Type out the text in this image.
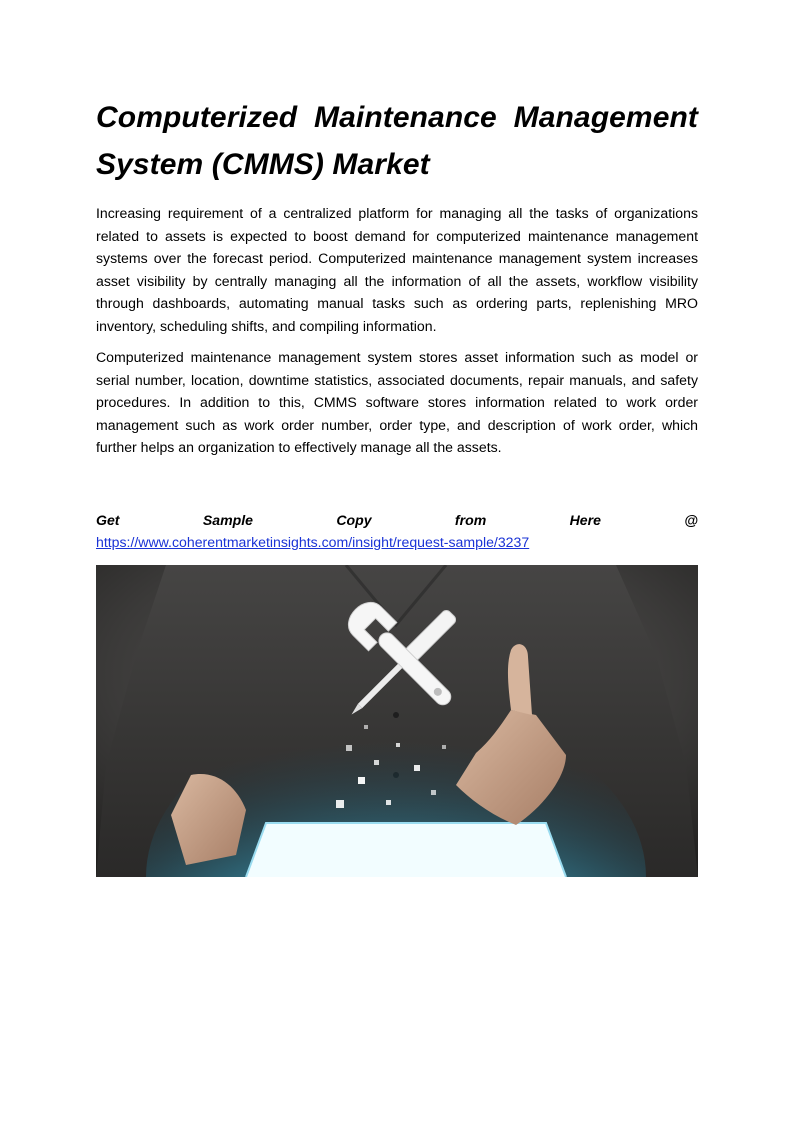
Computerized Maintenance Management
System (CMMS) Market

Increasing requirement of a centralized platform for managing all the tasks of organizations related to assets is expected to boost demand for computerized maintenance management systems over the forecast period. Computerized maintenance management system increases asset visibility by centrally managing all the information of all the assets, workflow visibility through dashboards, automating manual tasks such as ordering parts, replenishing MRO inventory, scheduling shifts, and compiling information.

Computerized maintenance management system stores asset information such as model or serial number, location, downtime statistics, associated documents, repair manuals, and safety procedures. In addition to this, CMMS software stores information related to work order management such as work order number, order type, and description of work order, which further helps an organization to effectively manage all the assets.

Get Sample Copy from Here @ https://www.coherentmarketinsights.com/insight/request-sample/3237
